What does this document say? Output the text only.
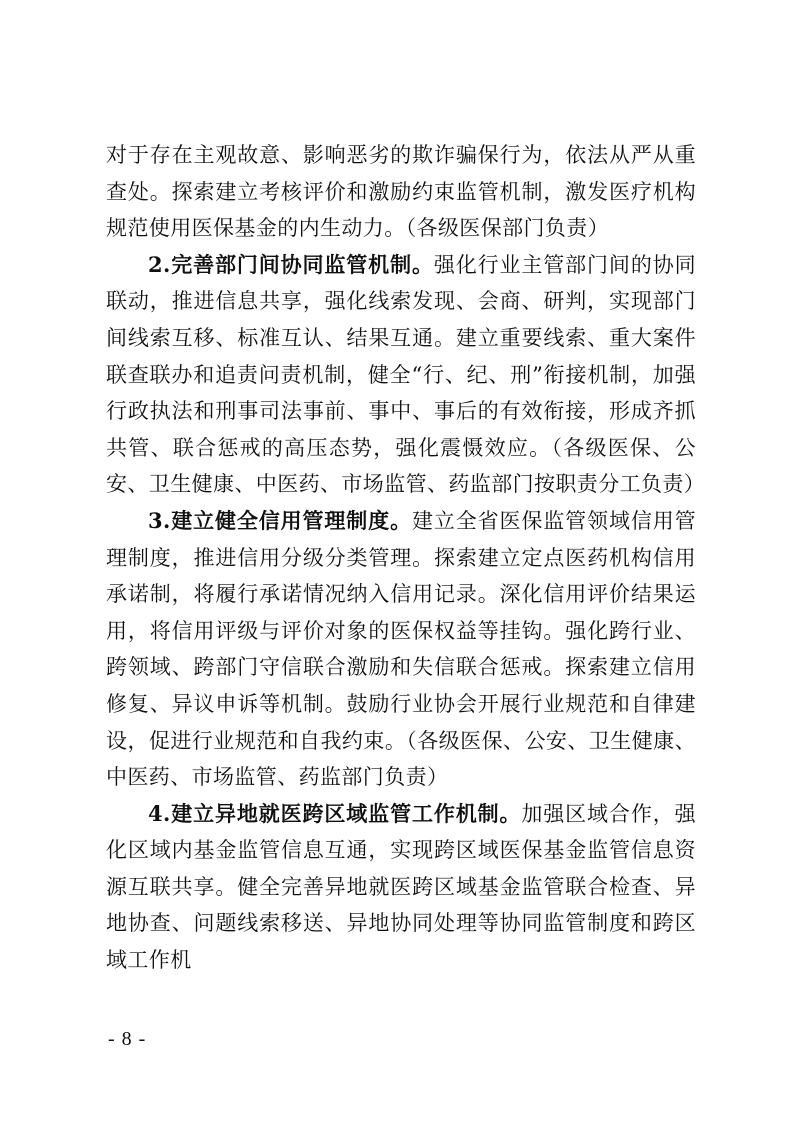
对于存在主观故意、影响恶劣的欺诈骗保行为，依法从严从重查处。探索建立考核评价和激励约束监管机制，激发医疗机构规范使用医保基金的内生动力。（各级医保部门负责）

2.完善部门间协同监管机制。强化行业主管部门间的协同联动，推进信息共享，强化线索发现、会商、研判，实现部门间线索互移、标准互认、结果互通。建立重要线索、重大案件联查联办和追责问责机制，健全“行、纪、刑”衔接机制，加强行政执法和刑事司法事前、事中、事后的有效衔接，形成齐抓共管、联合惩戒的高压态势，强化震慑效应。（各级医保、公安、卫生健康、中医药、市场监管、药监部门按职责分工负责）

3.建立健全信用管理制度。建立全省医保监管领域信用管理制度，推进信用分级分类管理。探索建立定点医药机构信用承诺制，将履行承诺情况纳入信用记录。深化信用评价结果运用，将信用评级与评价对象的医保权益等挂钩。强化跨行业、跨领域、跨部门守信联合激励和失信联合惩戒。探索建立信用修复、异议申诉等机制。鼓励行业协会开展行业规范和自律建设，促进行业规范和自我约束。（各级医保、公安、卫生健康、中医药、市场监管、药监部门负责）

4.建立异地就医跨区域监管工作机制。加强区域合作，强化区域内基金监管信息互通，实现跨区域医保基金监管信息资源互联共享。健全完善异地就医跨区域基金监管联合检查、异地协查、问题线索移送、异地协同处理等协同监管制度和跨区域工作机

- 8 -
